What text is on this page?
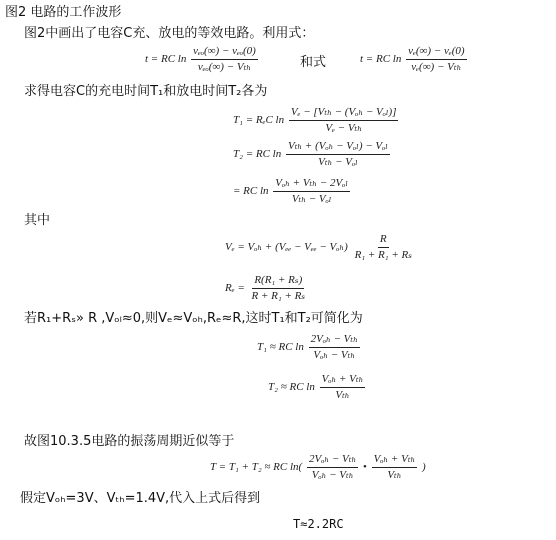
图2 电路的工作波形
图2中画出了电容C充、放电的等效电路。利用式：
t = RC $\ln \frac{\text{vₑₒ(∞) − vₑₒ(0)}}{\text{vₑₒ(∞) − Vₜₕ}}$	和式	t = RC $\ln \frac{\text{vₑ(∞) − vₑ(0)}}{\text{vₑ(∞) − Vₜₕ}}$
求得电容C的充电时间T₁和放电时间T₂各为
T₁ = RₑC $\ln \frac{\text{Vₑ − [Vₜₕ − (Vₒₕ − Vₒₗ)]}}{\text{Vₑ − Vₜₕ}}$
T₂ = RC $\ln \frac{\text{Vₜₕ + (Vₒₕ − Vₒₗ) − Vₒₗ}}{\text{Vₜₕ − Vₒₗ}}$
= RC $\ln \frac{\text{Vₒₕ + Vₜₕ − 2Vₒₗ}}{\text{Vₜₕ − Vₒₗ}}$
其中
$V_e = V_{oh} + (V_{ee} - V_{ee} - V_{oh}) \frac{R}{\text{R₁ + R₁ + Rₛ}}$
$R_e = \frac{\text{R(R₁ + Rₛ)}}{\text{R + R₁ + Rₛ}}$
若R₁+Rₛ» R ,Vₒₗ≈0,则Vₑ≈Vₒₕ,Rₑ≈R,这时T₁和T₂可简化为
T₁ ≈ RC $\ln \frac{\text{2Vₒₕ − Vₜₕ}}{\text{Vₒₕ − Vₜₕ}}$
T₂ ≈ RC $\ln \frac{\text{Vₒₕ + Vₜₕ}}{\text{Vₜₕ}}$
故图10.3.5电路的振荡周期近似等于
T = T₁ + T₂ ≈ RC $\ln( \frac{\text{2Vₒₕ − Vₜₕ}}{\text{Vₒₕ − Vₜₕ}}$ • $\frac{\text{Vₒₕ + Vₜₕ}}{\text{Vₜₕ}}$ )
假定Vₒₕ=3V、Vₜₕ=1.4V,代入上式后得到
T≈2.2RC
